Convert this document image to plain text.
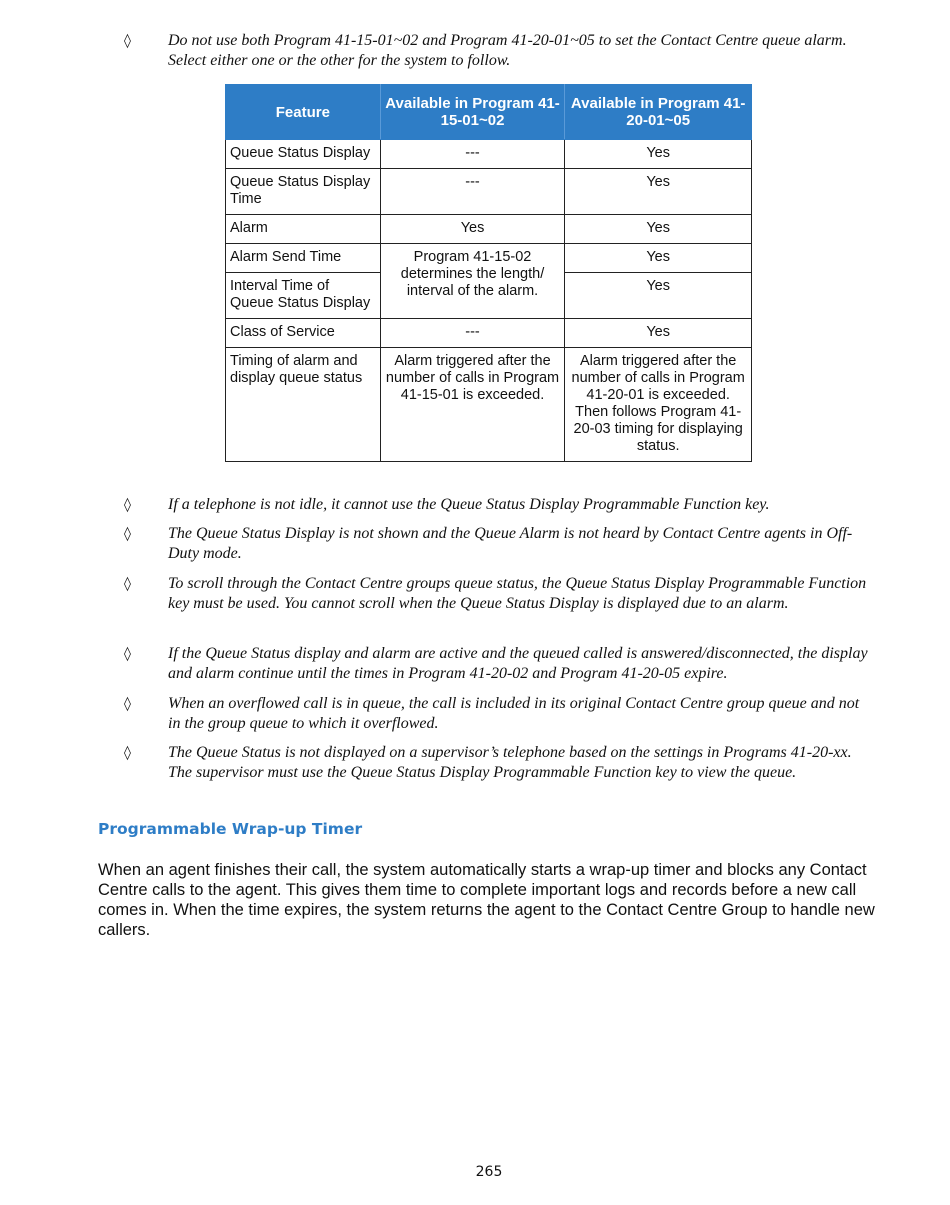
◊	Do not use both Program 41-15-01~02 and Program 41-20-01~05 to set the Contact Centre queue alarm. Select either one or the other for the system to follow.
Feature	Available in Program 41-15-01~02	Available in Program 41-20-01~05
Queue Status Display	---	Yes
Queue Status Display Time	---	Yes
Alarm	Yes	Yes
Alarm Send Time	Program 41-15-02 determines the length/ interval of the alarm.	Yes
Interval Time of Queue Status Display		Yes
Class of Service	---	Yes
Timing of alarm and display queue status	Alarm triggered after the number of calls in Program 41-15-01 is exceeded.	Alarm triggered after the number of calls in Program 41-20-01 is exceeded. Then follows Program 41-20-03 timing for displaying status.
◊	If a telephone is not idle, it cannot use the Queue Status Display Programmable Function key.
◊	The Queue Status Display is not shown and the Queue Alarm is not heard by Contact Centre agents in Off-Duty mode.
◊	To scroll through the Contact Centre groups queue status, the Queue Status Display Programmable Function key must be used. You cannot scroll when the Queue Status Display is displayed due to an alarm.
◊	If the Queue Status display and alarm are active and the queued called is answered/disconnected, the display and alarm continue until the times in Program 41-20-02 and Program 41-20-05 expire.
◊	When an overflowed call is in queue, the call is included in its original Contact Centre group queue and not in the group queue to which it overflowed.
◊	The Queue Status is not displayed on a supervisor’s telephone based on the settings in Programs 41-20-xx. The supervisor must use the Queue Status Display Programmable Function key to view the queue.
Programmable Wrap-up Timer
When an agent finishes their call, the system automatically starts a wrap-up timer and blocks any Contact Centre calls to the agent. This gives them time to complete important logs and records before a new call comes in. When the time expires, the system returns the agent to the Contact Centre Group to handle new callers.
265
